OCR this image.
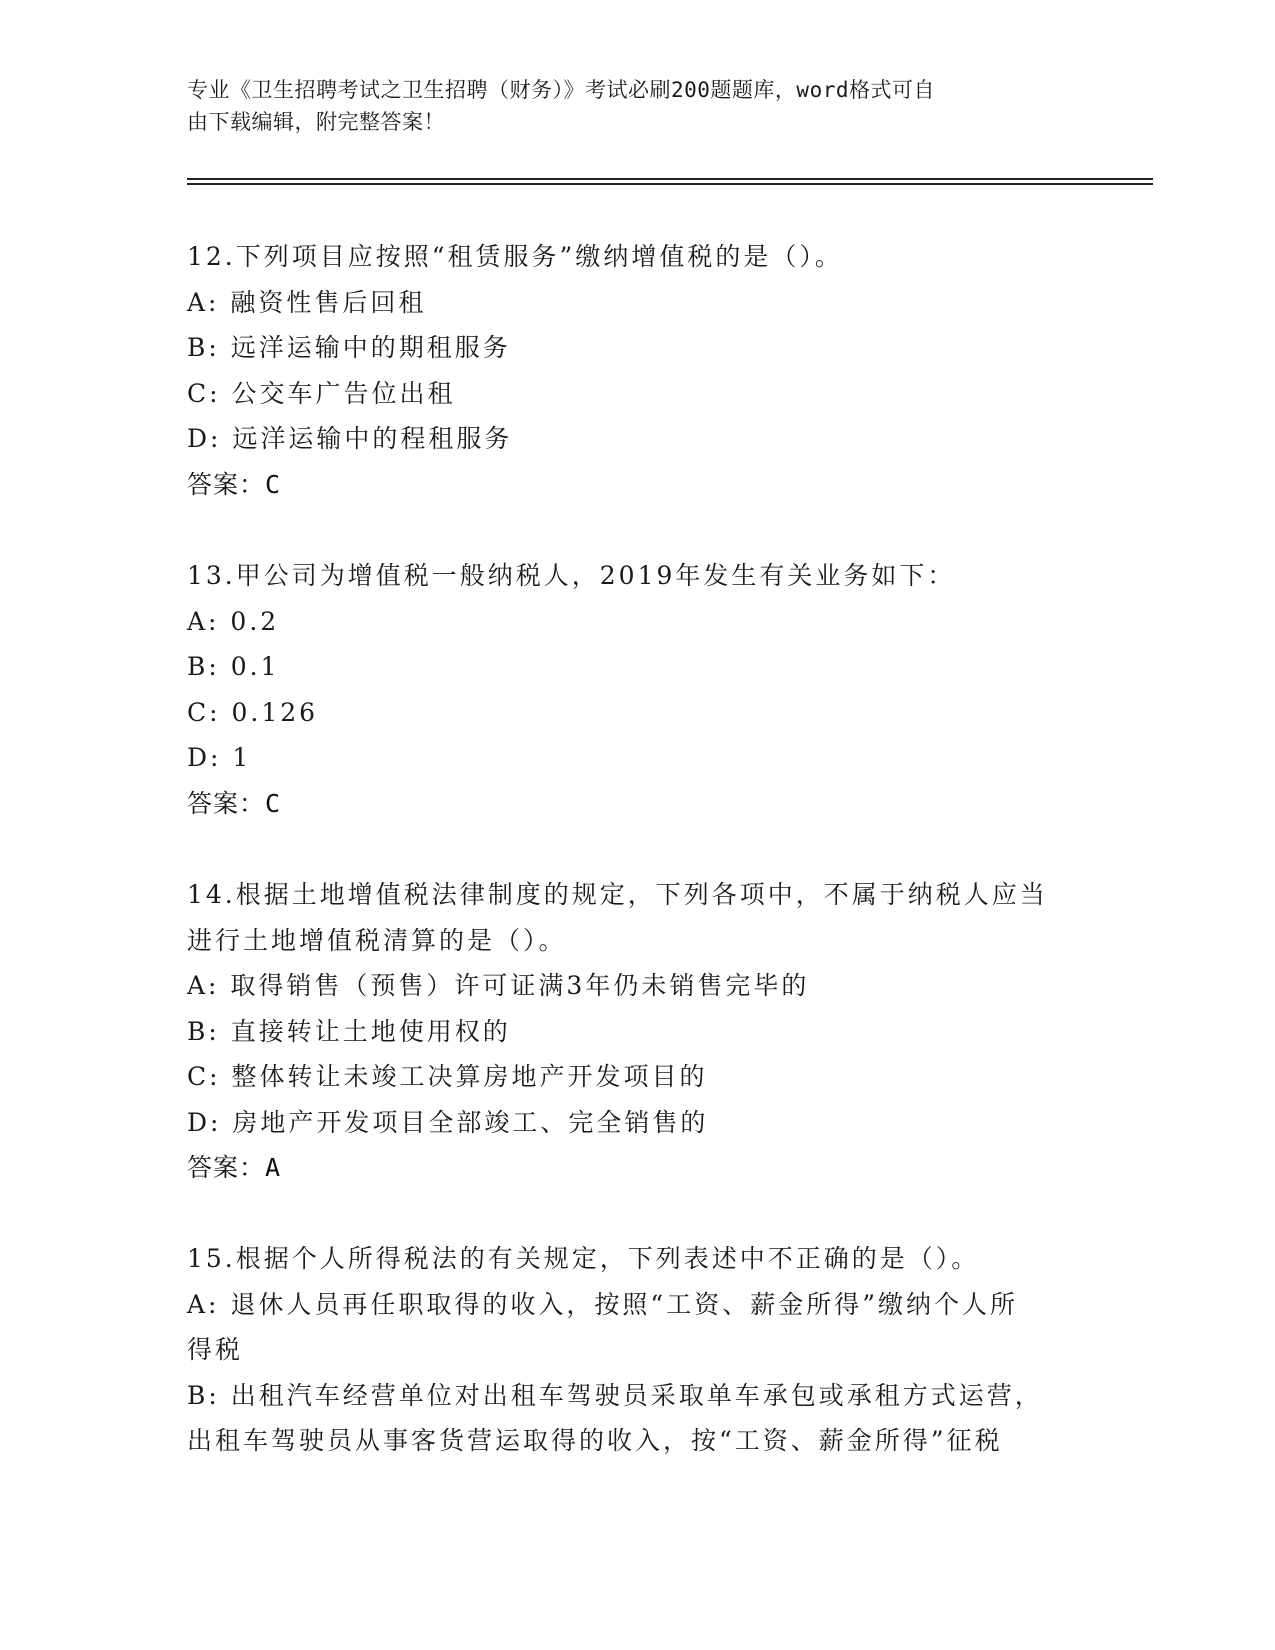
专业《卫生招聘考试之卫生招聘（财务）》考试必刷200题题库，word格式可自
由下载编辑，附完整答案！
12.下列项目应按照“租赁服务”缴纳增值税的是（）。
A: 融资性售后回租
B: 远洋运输中的期租服务
C: 公交车广告位出租
D: 远洋运输中的程租服务
答案：C
13.甲公司为增值税一般纳税人，2019年发生有关业务如下：
A: 0.2
B: 0.1
C: 0.126
D: 1
答案：C
14.根据土地增值税法律制度的规定，下列各项中，不属于纳税人应当
进行土地增值税清算的是（）。
A: 取得销售（预售）许可证满3年仍未销售完毕的
B: 直接转让土地使用权的
C: 整体转让未竣工决算房地产开发项目的
D: 房地产开发项目全部竣工、完全销售的
答案：A
15.根据个人所得税法的有关规定，下列表述中不正确的是（）。
A: 退休人员再任职取得的收入，按照“工资、薪金所得”缴纳个人所
得税
B: 出租汽车经营单位对出租车驾驶员采取单车承包或承租方式运营，
出租车驾驶员从事客货营运取得的收入，按“工资、薪金所得”征税
